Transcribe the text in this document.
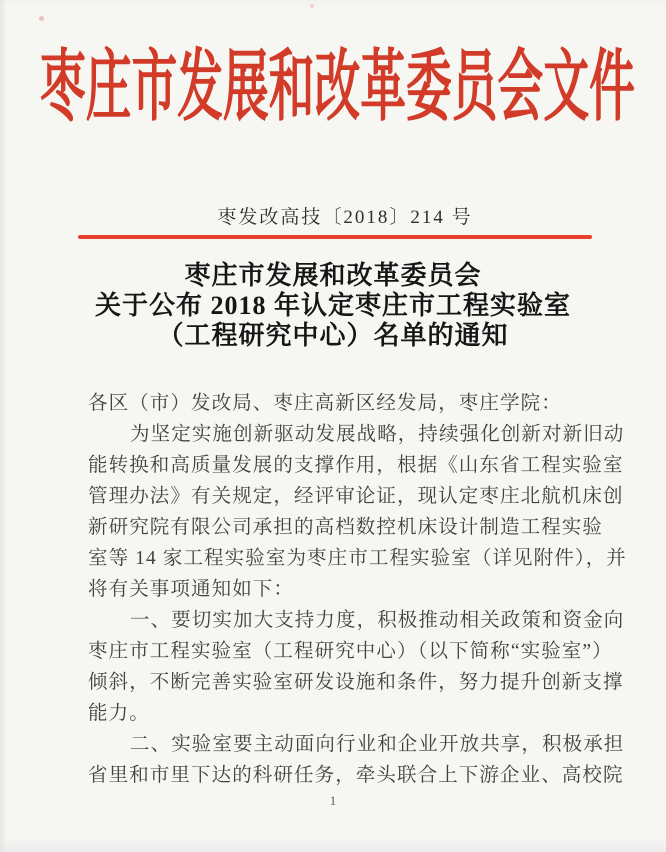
枣庄市发展和改革委员会文件
枣发改高技〔2018〕214 号
枣庄市发展和改革委员会
关于公布 2018 年认定枣庄市工程实验室
（工程研究中心）名单的通知
各区（市）发改局、枣庄高新区经发局，枣庄学院：
为坚定实施创新驱动发展战略，持续强化创新对新旧动
能转换和高质量发展的支撑作用，根据《山东省工程实验室
管理办法》有关规定，经评审论证，现认定枣庄北航机床创
新研究院有限公司承担的高档数控机床设计制造工程实验
室等 14 家工程实验室为枣庄市工程实验室（详见附件），并
将有关事项通知如下：
一、要切实加大支持力度，积极推动相关政策和资金向
枣庄市工程实验室（工程研究中心）（以下简称“实验室”）
倾斜，不断完善实验室研发设施和条件，努力提升创新支撑
能力。
二、实验室要主动面向行业和企业开放共享，积极承担
省里和市里下达的科研任务，牵头联合上下游企业、高校院
1
